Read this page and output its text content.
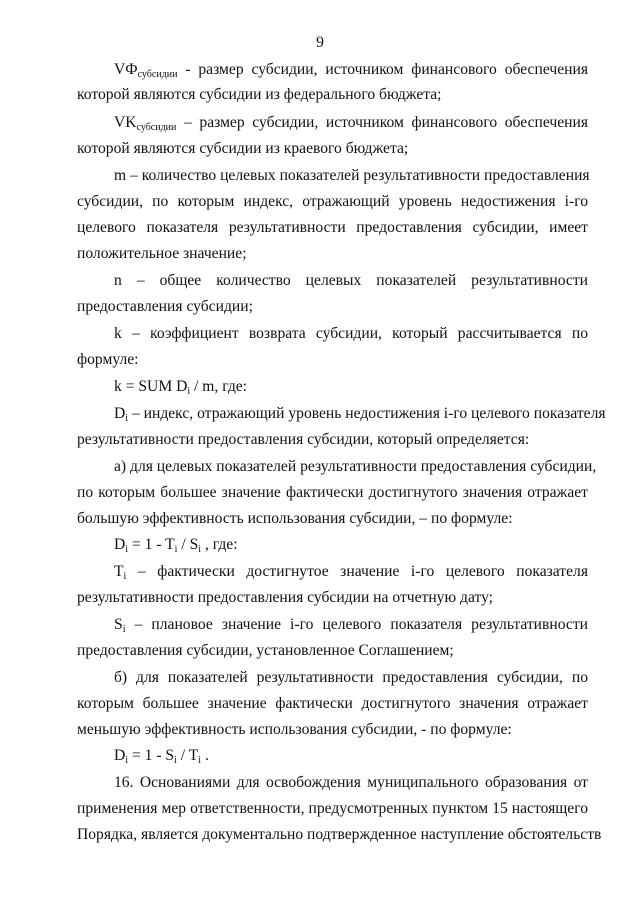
9
$VФ_{субсидии}$ - размер субсидии, источником финансового обеспечения
которой являются субсидии из федерального бюджета;
$VK_{субсидии}$ – размер субсидии, источником финансового обеспечения
которой являются субсидии из краевого бюджета;
m – количество целевых показателей результативности предоставления
субсидии, по которым индекс, отражающий уровень недостижения i-го
целевого показателя результативности предоставления субсидии, имеет
положительное значение;
n – общее количество целевых показателей результативности
предоставления субсидии;
k – коэффициент возврата субсидии, который рассчитывается по
формуле:
k = SUM Di / m, где:
Di – индекс, отражающий уровень недостижения i-го целевого показателя
результативности предоставления субсидии, который определяется:
а) для целевых показателей результативности предоставления субсидии,
по которым большее значение фактически достигнутого значения отражает
большую эффективность использования субсидии, – по формуле:
Di = 1 - Ti / Si , где:
Ti – фактически достигнутое значение i-го целевого показателя
результативности предоставления субсидии на отчетную дату;
Si – плановое значение i-го целевого показателя результативности
предоставления субсидии, установленное Соглашением;
б) для показателей результативности предоставления субсидии, по
которым большее значение фактически достигнутого значения отражает
меньшую эффективность использования субсидии, - по формуле:
Di = 1 - Si / Ti .
16. Основаниями для освобождения муниципального образования от
применения мер ответственности, предусмотренных пунктом 15 настоящего
Порядка, является документально подтвержденное наступление обстоятельств
